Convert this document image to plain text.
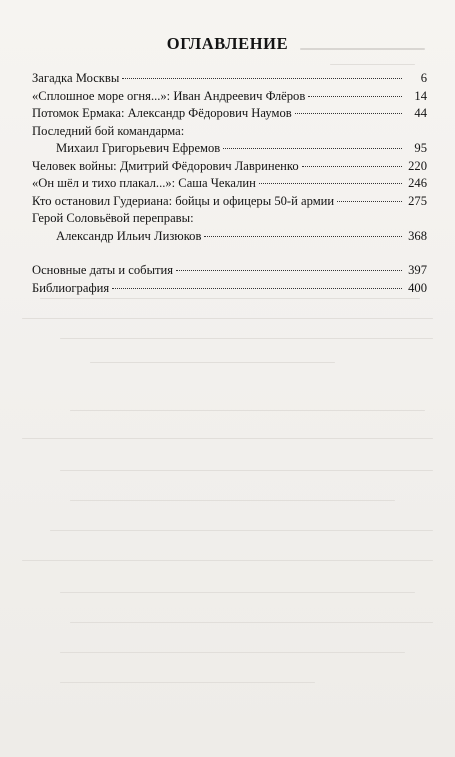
ОГЛАВЛЕНИЕ
Загадка Москвы	6
«Сплошное море огня...»: Иван Андреевич Флёров	14
Потомок Ермака: Александр Фёдорович Наумов	44
Последний бой командарма:
Михаил Григорьевич Ефремов	95
Человек войны: Дмитрий Фёдорович Лавриненко	220
«Он шёл и тихо плакал...»: Саша Чекалин	246
Кто остановил Гудериана: бойцы и офицеры 50-й армии	275
Герой Соловьёвой переправы:
Александр Ильич Лизюков	368
Основные даты и события	397
Библиография	400
